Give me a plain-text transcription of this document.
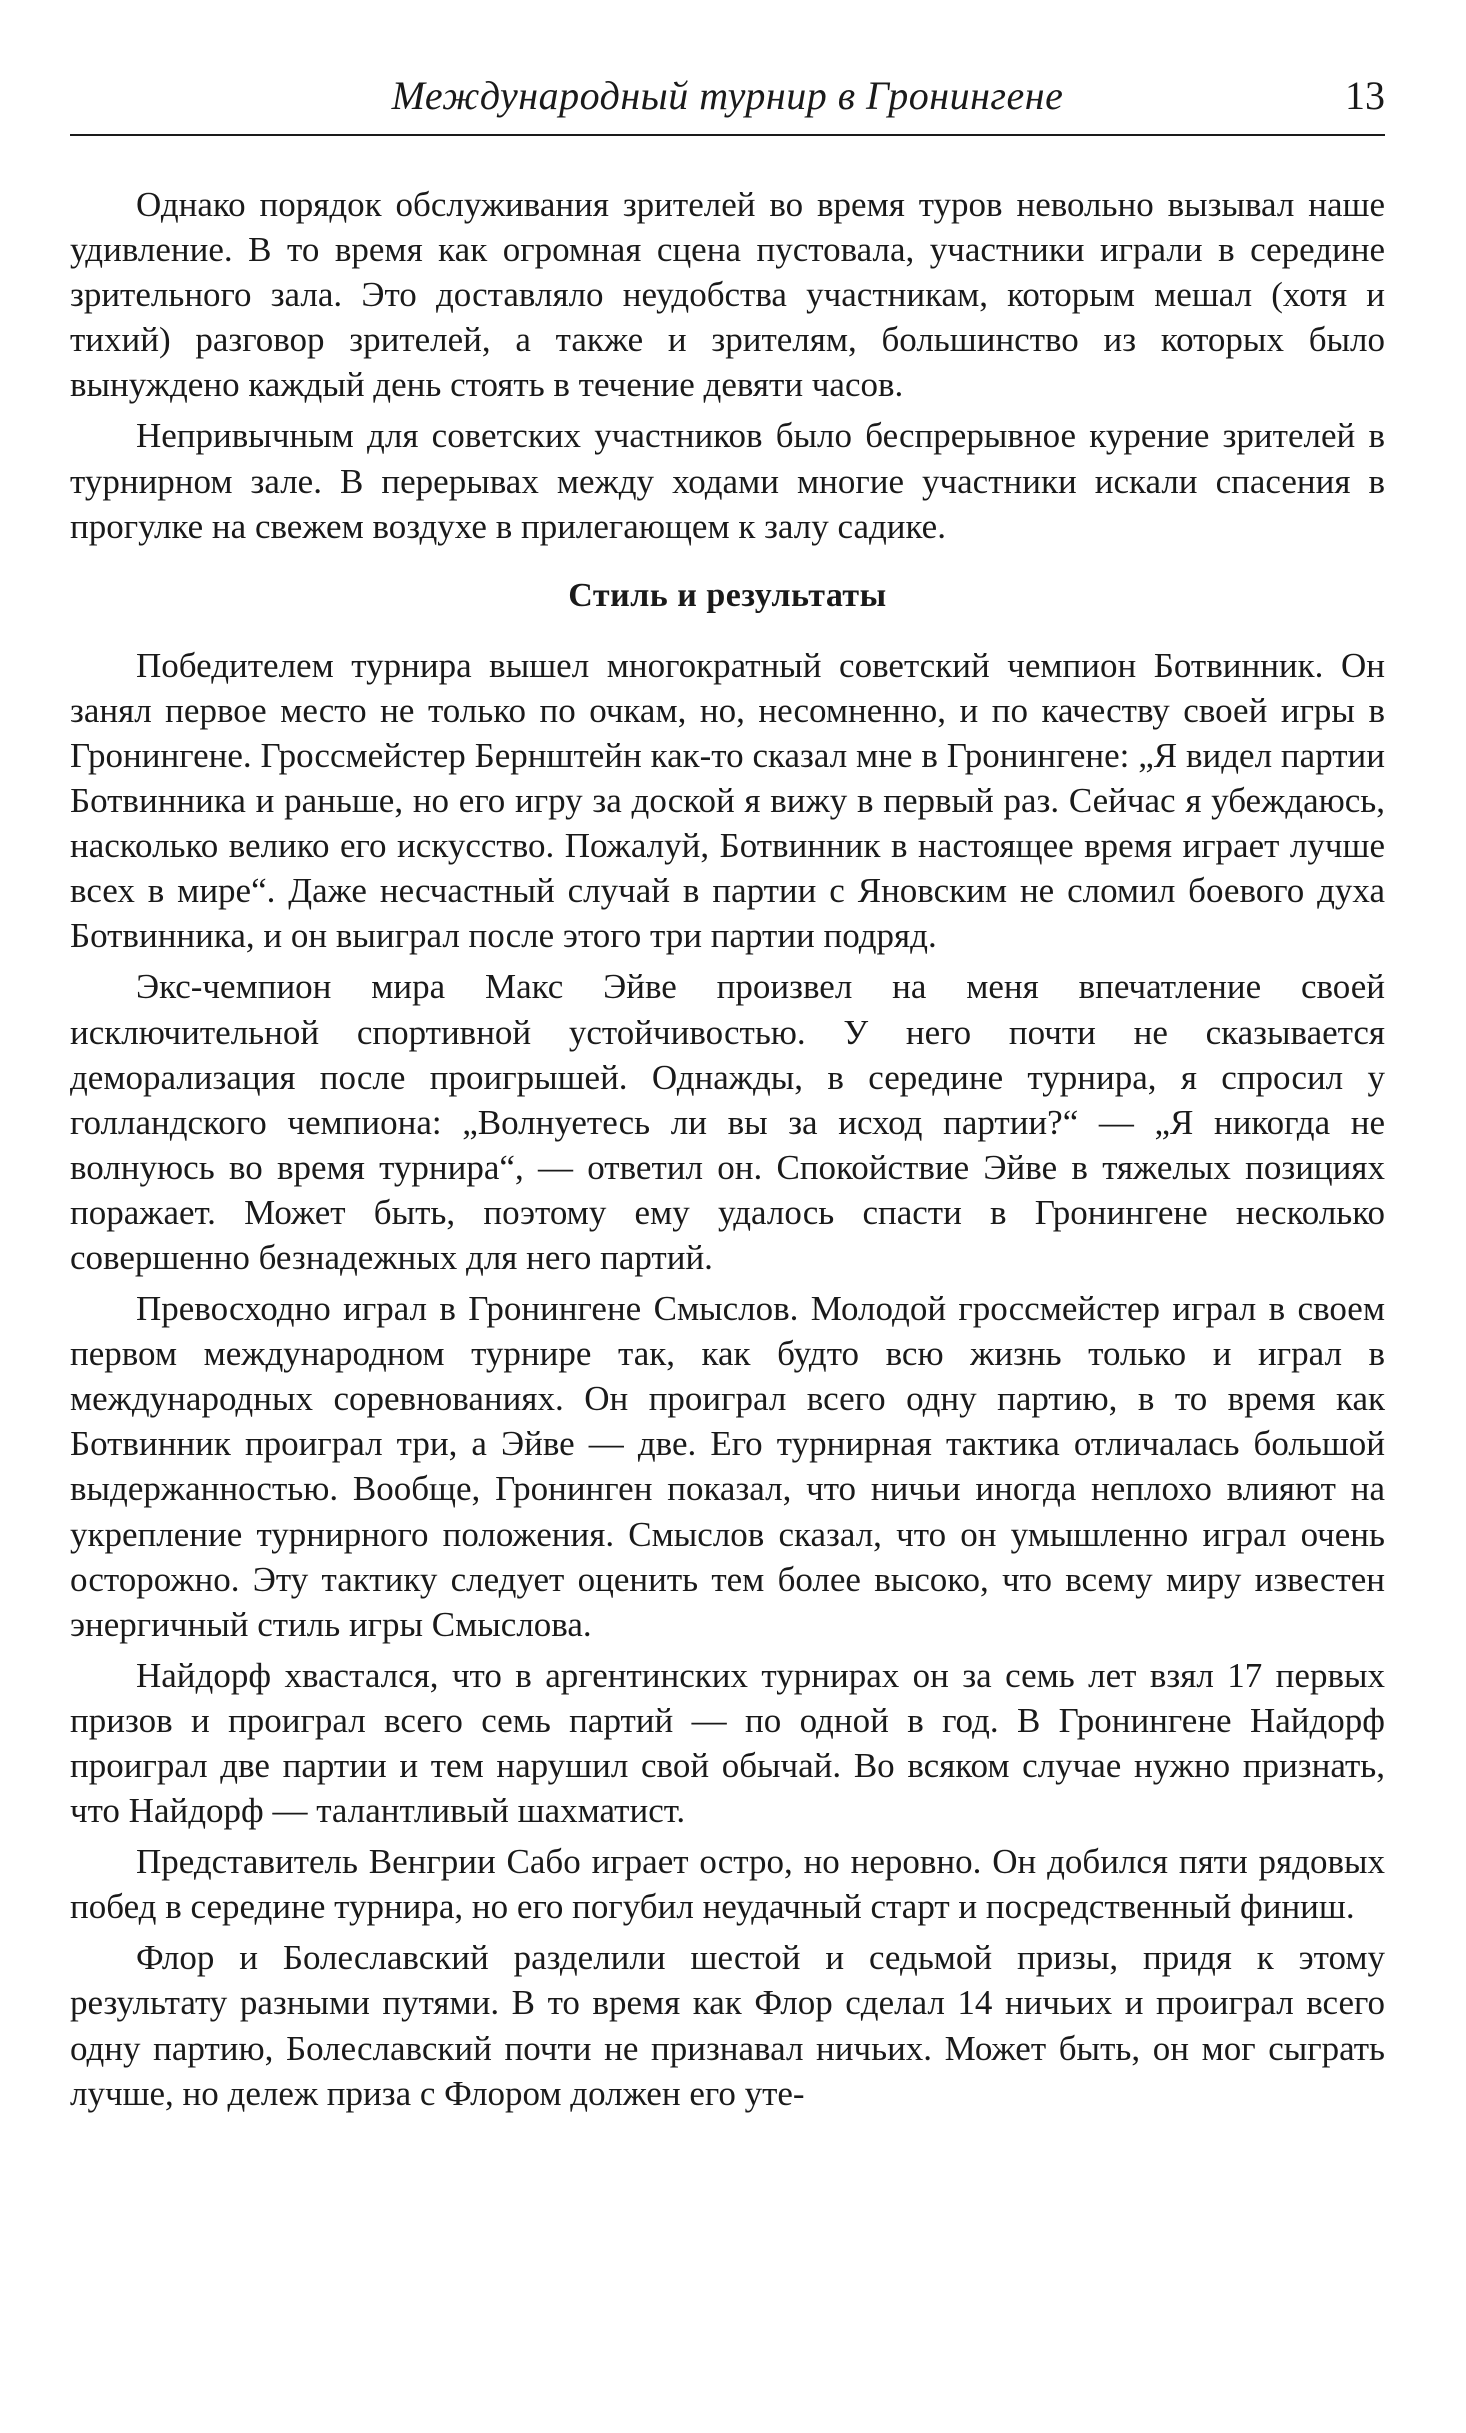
Международный турнир в Гронингене	13

Однако порядок обслуживания зрителей во время туров невольно вызывал наше удивление. В то время как огромная сцена пустовала, участники играли в середине зрительного зала. Это доставляло неудобства участникам, которым мешал (хотя и тихий) разговор зрителей, а также и зрителям, большинство из которых было вынуждено каждый день стоять в течение девяти часов.

Непривычным для советских участников было беспрерывное курение зрителей в турнирном зале. В перерывах между ходами многие участники искали спасения в прогулке на свежем воздухе в прилегающем к залу садике.

Стиль и результаты

Победителем турнира вышел многократный советский чемпион Ботвинник. Он занял первое место не только по очкам, но, несомненно, и по качеству своей игры в Гронингене. Гроссмейстер Бернштейн как-то сказал мне в Гронингене: „Я видел партии Ботвинника и раньше, но его игру за доской я вижу в первый раз. Сейчас я убеждаюсь, насколько велико его искусство. Пожалуй, Ботвинник в настоящее время играет лучше всех в мире“. Даже несчастный случай в партии с Яновским не сломил боевого духа Ботвинника, и он выиграл после этого три партии подряд.

Экс-чемпион мира Макс Эйве произвел на меня впечатление своей исключительной спортивной устойчивостью. У него почти не сказывается деморализация после проигрышей. Однажды, в середине турнира, я спросил у голландского чемпиона: „Волнуетесь ли вы за исход партии?“ — „Я никогда не волнуюсь во время турнира“, — ответил он. Спокойствие Эйве в тяжелых позициях поражает. Может быть, поэтому ему удалось спасти в Гронингене несколько совершенно безнадежных для него партий.

Превосходно играл в Гронингене Смыслов. Молодой гроссмейстер играл в своем первом международном турнире так, как будто всю жизнь только и играл в международных соревнованиях. Он проиграл всего одну партию, в то время как Ботвинник проиграл три, а Эйве — две. Его турнирная тактика отличалась большой выдержанностью. Вообще, Гронинген показал, что ничьи иногда неплохо влияют на укрепление турнирного положения. Смыслов сказал, что он умышленно играл очень осторожно. Эту тактику следует оценить тем более высоко, что всему миру известен энергичный стиль игры Смыслова.

Найдорф хвастался, что в аргентинских турнирах он за семь лет взял 17 первых призов и проиграл всего семь партий — по одной в год. В Гронингене Найдорф проиграл две партии и тем нарушил свой обычай. Во всяком случае нужно признать, что Найдорф — талантливый шахматист.

Представитель Венгрии Сабо играет остро, но неровно. Он добился пяти рядовых побед в середине турнира, но его погубил неудачный старт и посредственный финиш.

Флор и Болеславский разделили шестой и седьмой призы, придя к этому результату разными путями. В то время как Флор сделал 14 ничьих и проиграл всего одну партию, Болеславский почти не признавал ничьих. Может быть, он мог сыграть лучше, но дележ приза с Флором должен его уте-
